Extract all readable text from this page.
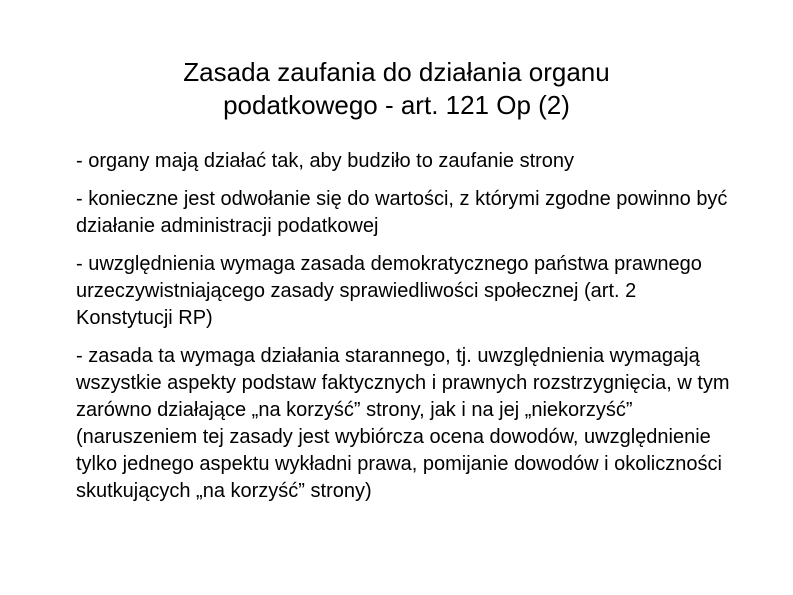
Zasada zaufania do działania organu
podatkowego - art. 121 Op (2)
- organy mają działać tak, aby budziło to zaufanie strony
- konieczne jest odwołanie się do wartości, z którymi zgodne powinno być działanie administracji podatkowej
- uwzględnienia wymaga zasada demokratycznego państwa prawnego urzeczywistniającego zasady sprawiedliwości społecznej (art. 2 Konstytucji RP)
- zasada ta wymaga działania starannego, tj. uwzględnienia wymagają wszystkie aspekty podstaw faktycznych i prawnych rozstrzygnięcia, w tym zarówno działające „na korzyść” strony, jak i na jej „niekorzyść” (naruszeniem tej zasady jest wybiórcza ocena dowodów, uwzględnienie tylko jednego aspektu wykładni prawa, pomijanie dowodów i okoliczności skutkujących „na korzyść” strony)
